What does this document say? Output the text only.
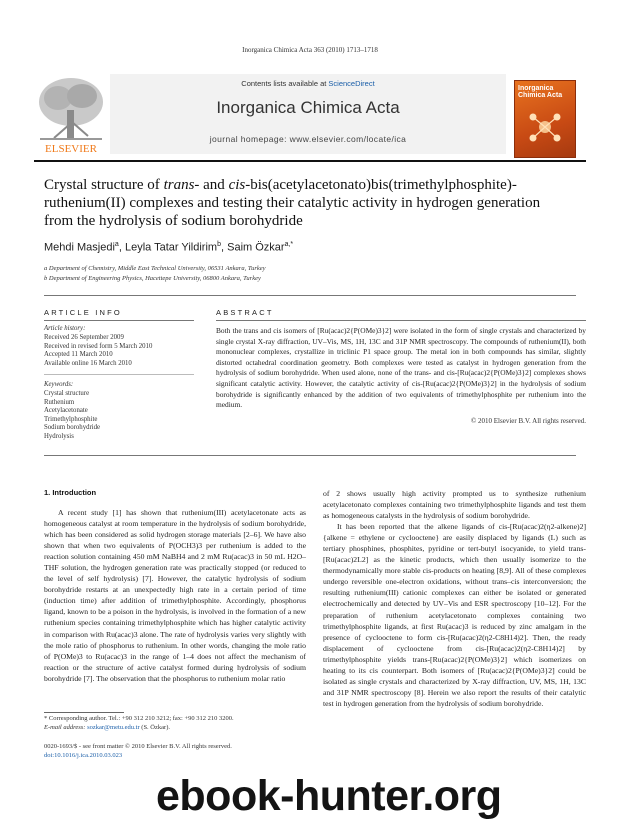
Inorganica Chimica Acta 363 (2010) 1713–1718
ELSEVIER
Contents lists available at ScienceDirect
Inorganica Chimica Acta
journal homepage: www.elsevier.com/locate/ica
Inorganica Chimica Acta
Crystal structure of trans- and cis-bis(acetylacetonato)bis(trimethylphosphite)-ruthenium(II) complexes and testing their catalytic activity in hydrogen generation from the hydrolysis of sodium borohydride
Mehdi Masjedi$^a$, Leyla Tatar Yildirim$^b$, Saim Özkar$^{a,*}$
a Department of Chemistry, Middle East Technical University, 06531 Ankara, Turkey
b Department of Engineering Physics, Hacettepe University, 06800 Ankara, Turkey
ARTICLE INFO	ABSTRACT
Article history:
Received 26 September 2009
Received in revised form 5 March 2010
Accepted 11 March 2010
Available online 16 March 2010
Keywords:
Crystal structure
Ruthenium
Acetylacetonate
Trimethylphosphite
Sodium borohydride
Hydrolysis
Both the trans and cis isomers of [Ru(acac)2{P(OMe)3}2] were isolated in the form of single crystals and characterized by single crystal X-ray diffraction, UV–Vis, MS, 1H, 13C and 31P NMR spectroscopy. The compounds of ruthenium(II), both mononuclear complexes, crystallize in triclinic P1 space group. The metal ion in both compounds has similar, slightly distorted octahedral coordination geometry. Both complexes were tested as catalyst in hydrogen generation from the hydrolysis of sodium borohydride. When used alone, none of the trans- and cis-[Ru(acac)2{P(OMe)3}2] complexes shows significant catalytic activity. However, the catalytic activity of cis-[Ru(acac)2{P(OMe)3}2] in the hydrolysis of sodium borohydride is significantly enhanced by the addition of two equivalents of trimethylphosphite per ruthenium into the medium.
© 2010 Elsevier B.V. All rights reserved.
1. Introduction

A recent study [1] has shown that ruthenium(III) acetylacetonate acts as homogeneous catalyst at room temperature in the hydrolysis of sodium borohydride, which has been considered as solid hydrogen storage materials [2–6]. We have also shown that when two equivalents of P(OCH3)3 per ruthenium is added to the reaction solution containing 450 mM NaBH4 and 2 mM Ru(acac)3 in 50 mL H2O–THF solution, the hydrogen generation rate was practically stopped (or reduced to the level of self hydrolysis) [7]. However, the catalytic hydrolysis of sodium borohydride restarts at an unexpectedly high rate in a certain period of time (induction time) after addition of trimethylphosphite. Accordingly, phosphorus ligand, known to be a poison in the hydrolysis, is involved in the formation of a new ruthenium species containing trimethylphosphite which has higher catalytic activity in comparison with Ru(acac)3 alone. The rate of hydrolysis varies very slightly with the mole ratio of phosphorus to ruthenium. In other words, changing the mole ratio of P(OMe)3 to Ru(acac)3 in the range of 1–4 does not affect the mechanism of reaction or the structure of active catalyst formed during hydrolysis of sodium borohydride [7]. The observation that the phosphorus to ruthenium molar ratio

of 2 shows usually high activity prompted us to synthesize ruthenium acetylacetonato complexes containing two trimethylphosphite ligands and test them as homogeneous catalysts in the hydrolysis of sodium borohydride.

It has been reported that the alkene ligands of cis-[Ru(acac)2(η2-alkene)2] {alkene = ethylene or cyclooctene} are easily displaced by ligands (L) such as tertiary phosphines, phosphites, pyridine or tert-butyl isocyanide, to yield trans-[Ru(acac)2L2] as the kinetic products, which then usually isomerize to the thermodynamically more stable cis-products on heating [8,9]. All of these complexes undergo reversible one-electron oxidations, without trans–cis interconversion; the resulting ruthenium(III) cationic complexes can either be isolated or generated electrochemically and detected by UV–Vis and ESR spectroscopy [10–12]. For the preparation of ruthenium acetylacetonato complexes containing two trimethylphosphite ligands, at first Ru(acac)3 is reduced by zinc amalgam in the presence of cyclooctene to form cis-[Ru(acac)2(η2-C8H14)2]. Then, the ready displacement of cyclooctene from cis-[Ru(acac)2(η2-C8H14)2] by trimethylphosphite yields trans-[Ru(acac)2{P(OMe)3}2] which isomerizes on heating to its cis counterpart. Both isomers of [Ru(acac)2{P(OMe)3}2] could be isolated as single crystals and characterized by X-ray diffraction, UV, MS, 1H, 13C and 31P NMR spectroscopy [8]. Herein we also report the results of their catalytic test in hydrogen generation from the hydrolysis of sodium borohydride.

* Corresponding author. Tel.: +90 312 210 3212; fax: +90 312 210 3200.
E-mail address: sozkar@metu.edu.tr (S. Özkar).
0020-1693/$ - see front matter © 2010 Elsevier B.V. All rights reserved.
doi:10.1016/j.ica.2010.03.023
ebook-hunter.org
